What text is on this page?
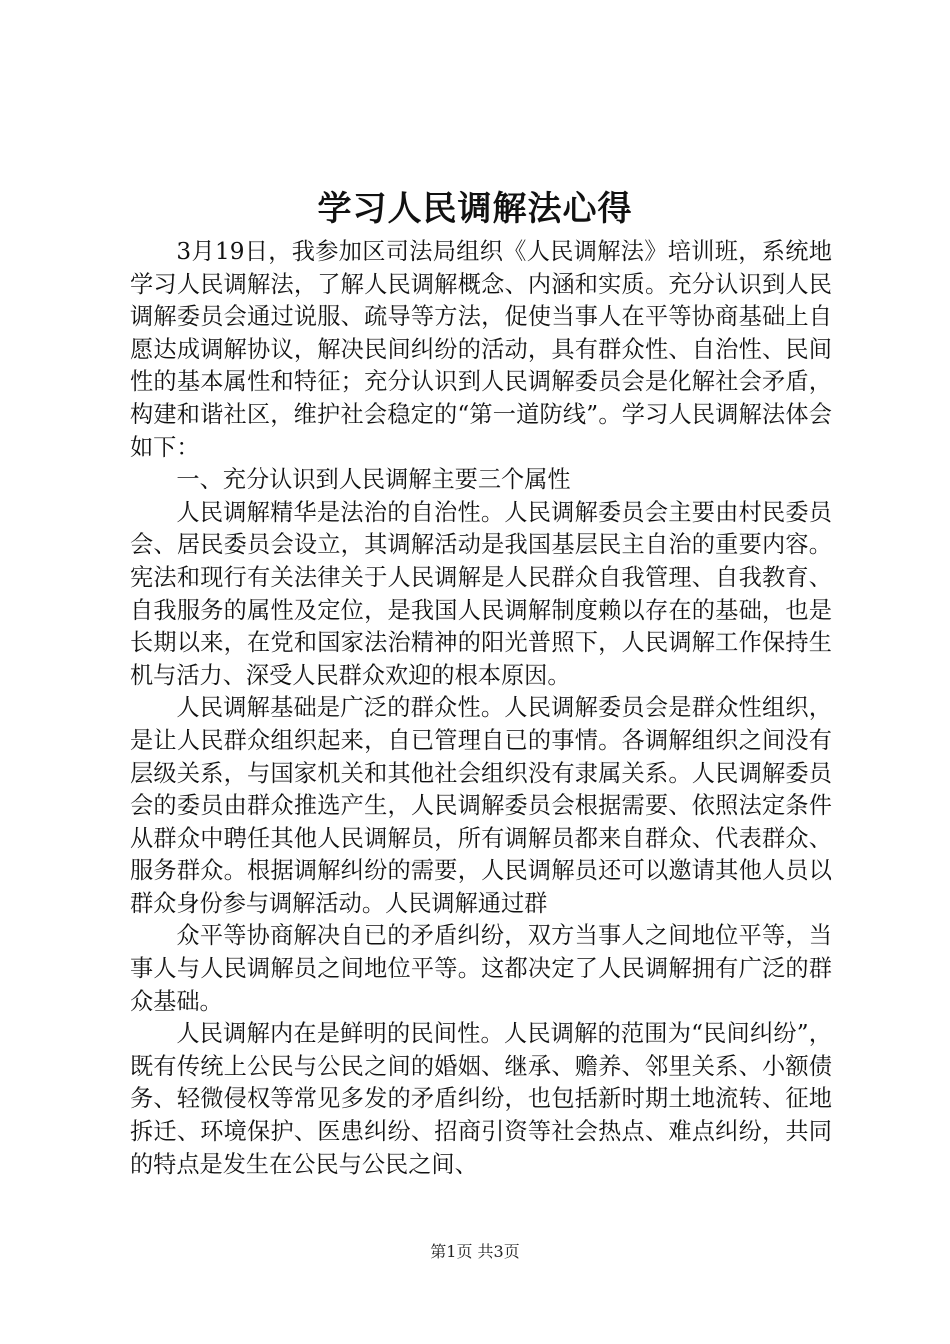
学习人民调解法心得

3月19日，我参加区司法局组织《人民调解法》培训班，系统地学习人民调解法，了解人民调解概念、内涵和实质。充分认识到人民调解委员会通过说服、疏导等方法，促使当事人在平等协商基础上自愿达成调解协议，解决民间纠纷的活动，具有群众性、自治性、民间性的基本属性和特征；充分认识到人民调解委员会是化解社会矛盾，构建和谐社区，维护社会稳定的“第一道防线”。学习人民调解法体会如下：

一、充分认识到人民调解主要三个属性

人民调解精华是法治的自治性。人民调解委员会主要由村民委员会、居民委员会设立，其调解活动是我国基层民主自治的重要内容。宪法和现行有关法律关于人民调解是人民群众自我管理、自我教育、自我服务的属性及定位，是我国人民调解制度赖以存在的基础，也是长期以来，在党和国家法治精神的阳光普照下，人民调解工作保持生机与活力、深受人民群众欢迎的根本原因。

人民调解基础是广泛的群众性。人民调解委员会是群众性组织，是让人民群众组织起来，自已管理自已的事情。各调解组织之间没有层级关系，与国家机关和其他社会组织没有隶属关系。人民调解委员会的委员由群众推选产生，人民调解委员会根据需要、依照法定条件从群众中聘任其他人民调解员，所有调解员都来自群众、代表群众、服务群众。根据调解纠纷的需要，人民调解员还可以邀请其他人员以群众身份参与调解活动。人民调解通过群

众平等协商解决自已的矛盾纠纷，双方当事人之间地位平等，当事人与人民调解员之间地位平等。这都决定了人民调解拥有广泛的群众基础。

人民调解内在是鲜明的民间性。人民调解的范围为“民间纠纷”，既有传统上公民与公民之间的婚姻、继承、赡养、邻里关系、小额债务、轻微侵权等常见多发的矛盾纠纷，也包括新时期土地流转、征地拆迁、环境保护、医患纠纷、招商引资等社会热点、难点纠纷，共同的特点是发生在公民与公民之间、

第1页 共3页
